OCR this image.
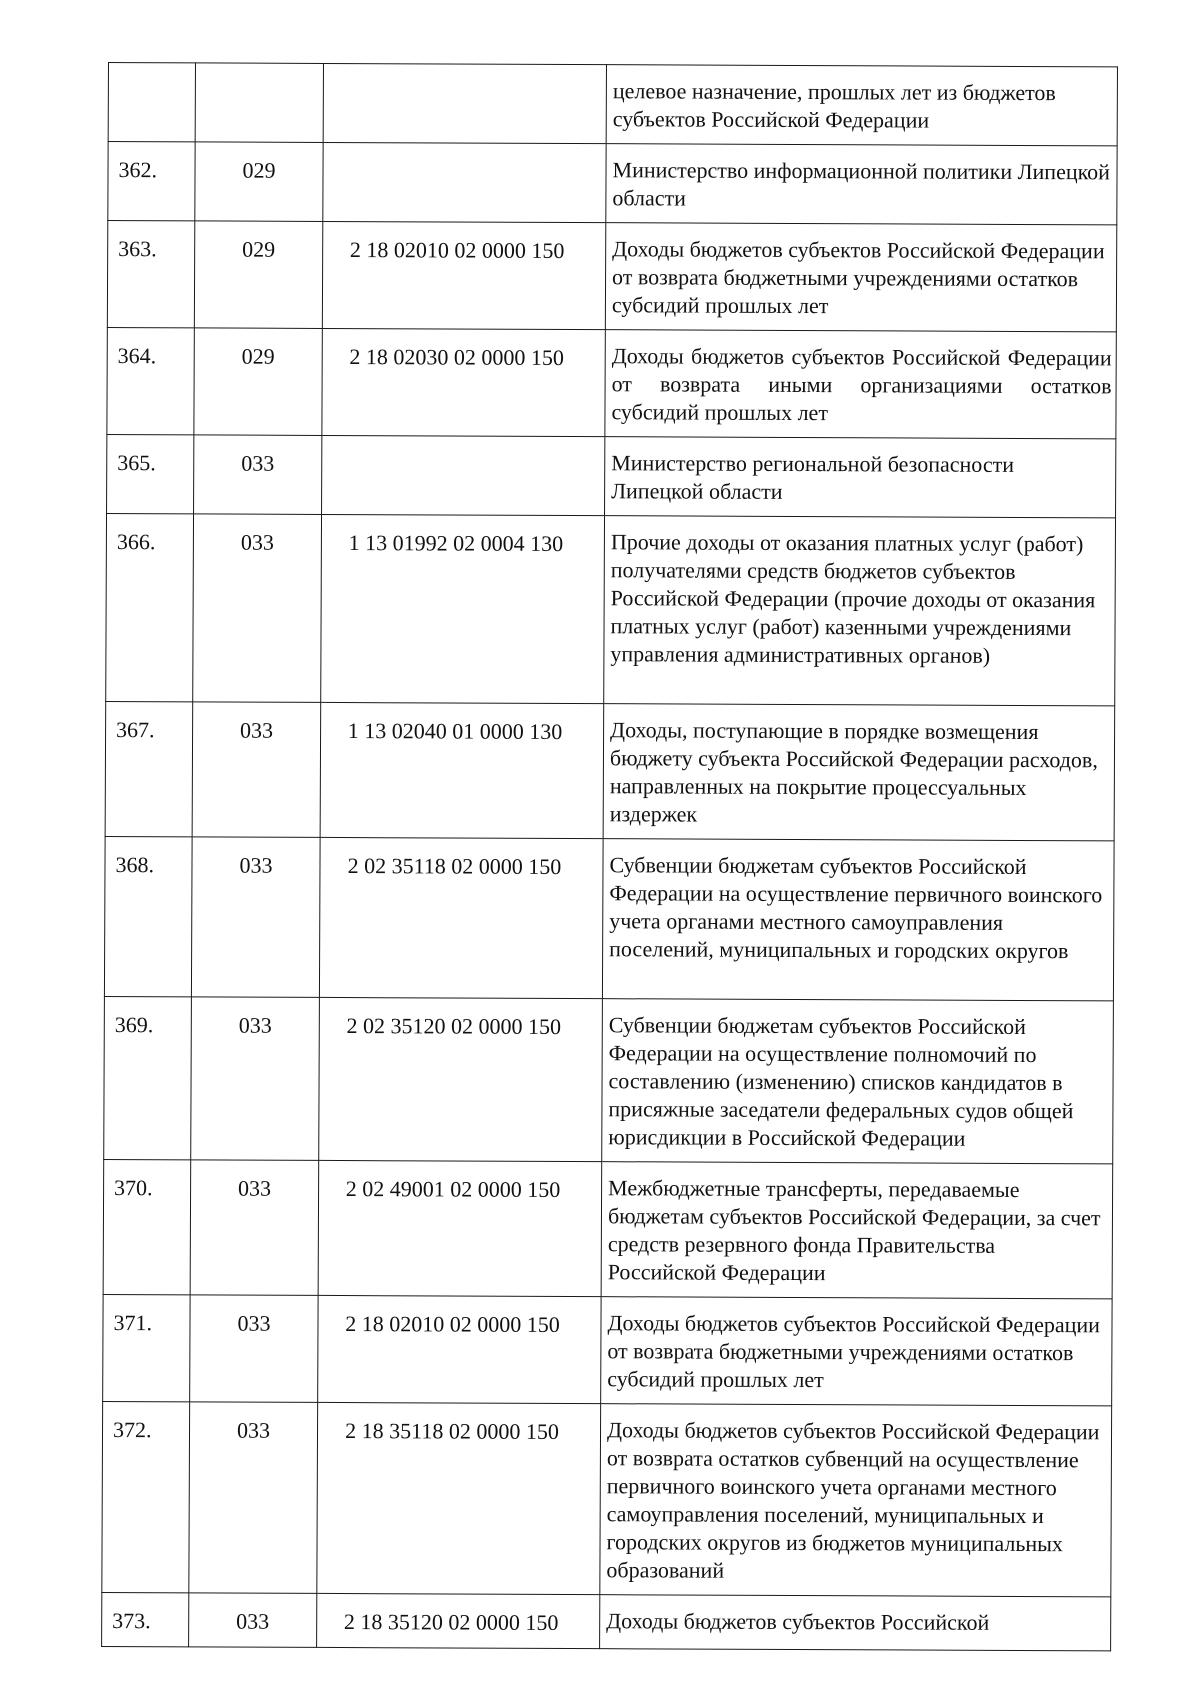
			целевое назначение, прошлых лет из бюджетов субъектов Российской Федерации

362.	029		Министерство информационной политики Липецкой области

363.	029	2 18 02010 02 0000 150	Доходы бюджетов субъектов Российской Федерации от возврата бюджетными учреждениями остатков субсидий прошлых лет

364.	029	2 18 02030 02 0000 150	Доходы бюджетов субъектов Российской Федерации от возврата иными организациями остатков субсидий прошлых лет

365.	033		Министерство региональной безопасности Липецкой области

366.	033	1 13 01992 02 0004 130	Прочие доходы от оказания платных услуг (работ) получателями средств бюджетов субъектов Российской Федерации (прочие доходы от оказания платных услуг (работ) казенными учреждениями управления административных органов)

367.	033	1 13 02040 01 0000 130	Доходы, поступающие в порядке возмещения бюджету субъекта Российской Федерации расходов, направленных на покрытие процессуальных издержек

368.	033	2 02 35118 02 0000 150	Субвенции бюджетам субъектов Российской Федерации на осуществление первичного воинского учета органами местного самоуправления поселений, муниципальных и городских округов

369.	033	2 02 35120 02 0000 150	Субвенции бюджетам субъектов Российской Федерации на осуществление полномочий по составлению (изменению) списков кандидатов в присяжные заседатели федеральных судов общей юрисдикции в Российской Федерации

370.	033	2 02 49001 02 0000 150	Межбюджетные трансферты, передаваемые бюджетам субъектов Российской Федерации, за счет средств резервного фонда Правительства Российской Федерации

371.	033	2 18 02010 02 0000 150	Доходы бюджетов субъектов Российской Федерации от возврата бюджетными учреждениями остатков субсидий прошлых лет

372.	033	2 18 35118 02 0000 150	Доходы бюджетов субъектов Российской Федерации от возврата остатков субвенций на осуществление первичного воинского учета органами местного самоуправления поселений, муниципальных и городских округов из бюджетов муниципальных образований

373.	033	2 18 35120 02 0000 150	Доходы бюджетов субъектов Российской
